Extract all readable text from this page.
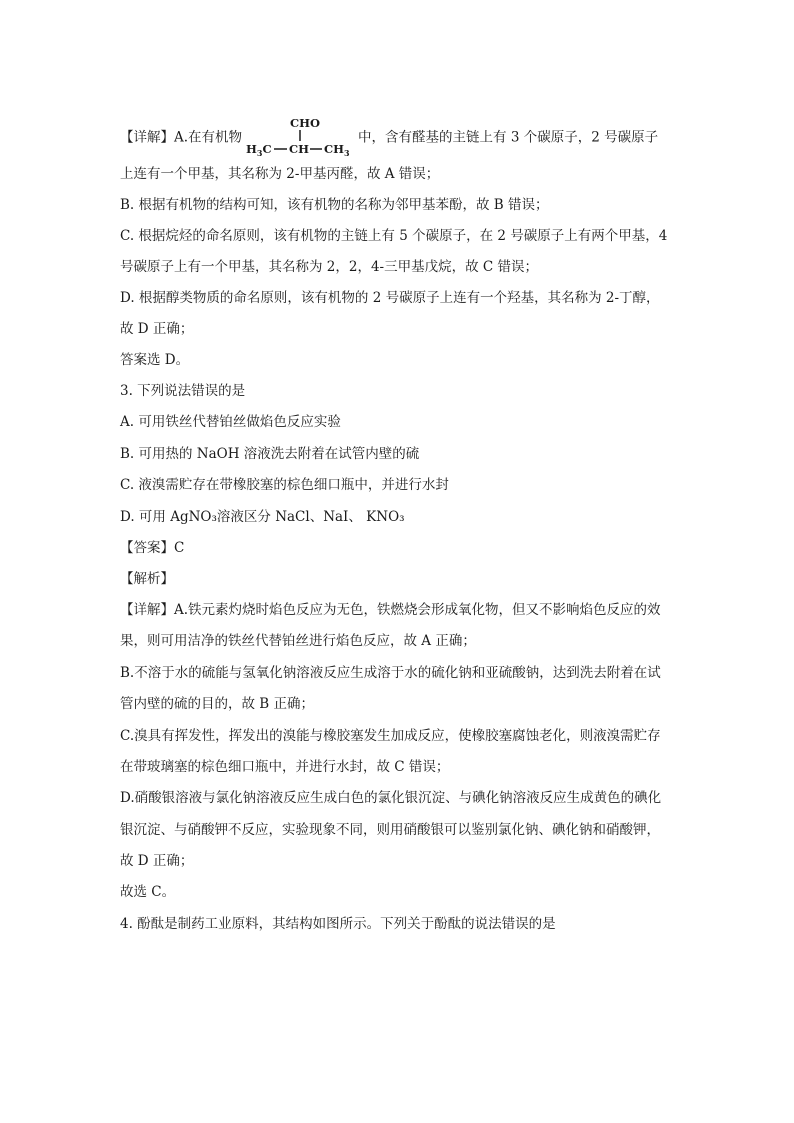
【详解】A.在有机物
CHO
$H_3C$ CH $CH_3$
中，含有醛基的主链上有 3 个碳原子，2 号碳原子
上连有一个甲基，其名称为 2-甲基丙醛，故 A 错误；
B. 根据有机物的结构可知，该有机物的名称为邻甲基苯酚，故 B 错误；
C. 根据烷烃的命名原则，该有机物的主链上有 5 个碳原子，在 2 号碳原子上有两个甲基，4
号碳原子上有一个甲基，其名称为 2，2，4-三甲基戊烷，故 C 错误；
D. 根据醇类物质的命名原则，该有机物的 2 号碳原子上连有一个羟基，其名称为 2-丁醇，
故 D 正确；
答案选 D。
3. 下列说法错误的是
A. 可用铁丝代替铂丝做焰色反应实验
B. 可用热的 NaOH 溶液洗去附着在试管内壁的硫
C. 液溴需贮存在带橡胶塞的棕色细口瓶中，并进行水封
D. 可用 AgNO₃溶液区分 NaCl、NaI、 KNO₃
【答案】C
【解析】
【详解】A.铁元素灼烧时焰色反应为无色，铁燃烧会形成氧化物，但又不影响焰色反应的效
果，则可用洁净的铁丝代替铂丝进行焰色反应，故 A 正确；
B.不溶于水的硫能与氢氧化钠溶液反应生成溶于水的硫化钠和亚硫酸钠，达到洗去附着在试
管内壁的硫的目的，故 B 正确；
C.溴具有挥发性，挥发出的溴能与橡胶塞发生加成反应，使橡胶塞腐蚀老化，则液溴需贮存
在带玻璃塞的棕色细口瓶中，并进行水封，故 C 错误；
D.硝酸银溶液与氯化钠溶液反应生成白色的氯化银沉淀、与碘化钠溶液反应生成黄色的碘化
银沉淀、与硝酸钾不反应，实验现象不同，则用硝酸银可以鉴别氯化钠、碘化钠和硝酸钾，
故 D 正确；
故选 C。
4. 酚酞是制药工业原料，其结构如图所示。下列关于酚酞的说法错误的是
